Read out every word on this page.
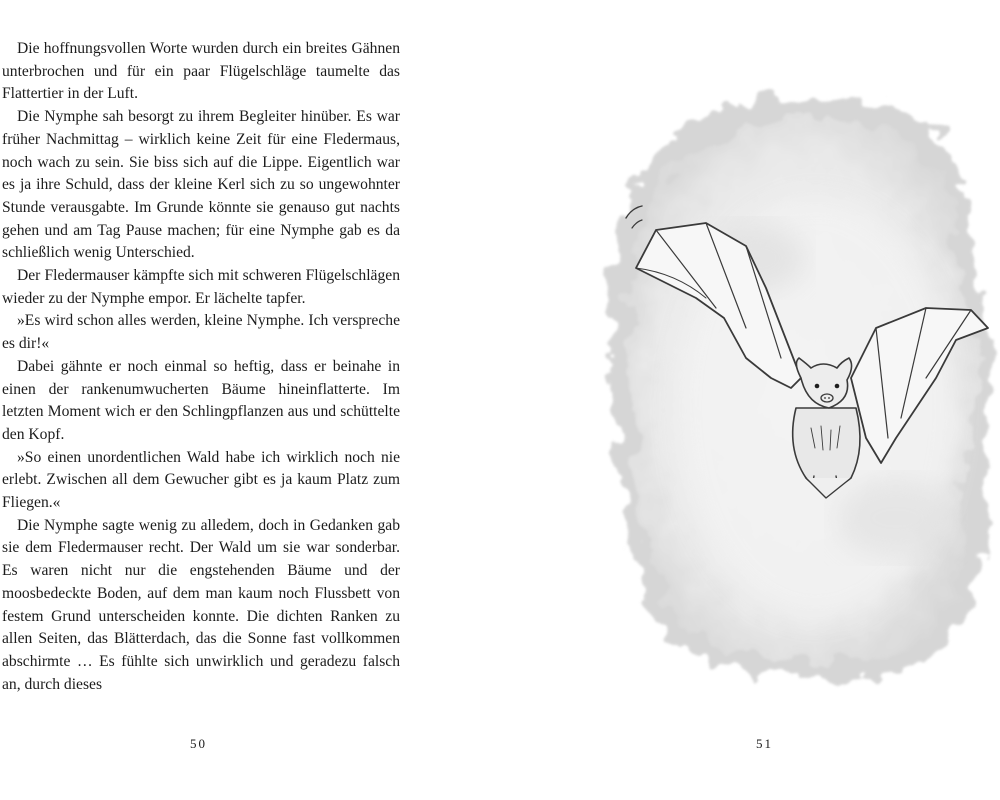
Die hoffnungsvollen Worte wurden durch ein breites Gähnen unterbrochen und für ein paar Flügelschläge taumelte das Flattertier in der Luft.

Die Nymphe sah besorgt zu ihrem Begleiter hinüber. Es war früher Nachmittag – wirklich keine Zeit für eine Fledermaus, noch wach zu sein. Sie biss sich auf die Lippe. Eigentlich war es ja ihre Schuld, dass der kleine Kerl sich zu so ungewohnter Stunde verausgabte. Im Grunde könnte sie genauso gut nachts gehen und am Tag Pause machen; für eine Nymphe gab es da schließlich wenig Unterschied.

Der Fledermauser kämpfte sich mit schweren Flügelschlägen wieder zu der Nymphe empor. Er lächelte tapfer.

»Es wird schon alles werden, kleine Nymphe. Ich verspreche es dir!«

Dabei gähnte er noch einmal so heftig, dass er beinahe in einen der rankenumwucherten Bäume hineinflatterte. Im letzten Moment wich er den Schlingpflanzen aus und schüttelte den Kopf.

»So einen unordentlichen Wald habe ich wirklich noch nie erlebt. Zwischen all dem Gewucher gibt es ja kaum Platz zum Fliegen.«

Die Nymphe sagte wenig zu alledem, doch in Gedanken gab sie dem Fledermauser recht. Der Wald um sie war sonderbar. Es waren nicht nur die engstehenden Bäume und der moosbedeckte Boden, auf dem man kaum noch Flussbett von festem Grund unterscheiden konnte. Die dichten Ranken zu allen Seiten, das Blätterdach, das die Sonne fast vollkommen abschirmte … Es fühlte sich unwirklich und geradezu falsch an, durch dieses

50	51
